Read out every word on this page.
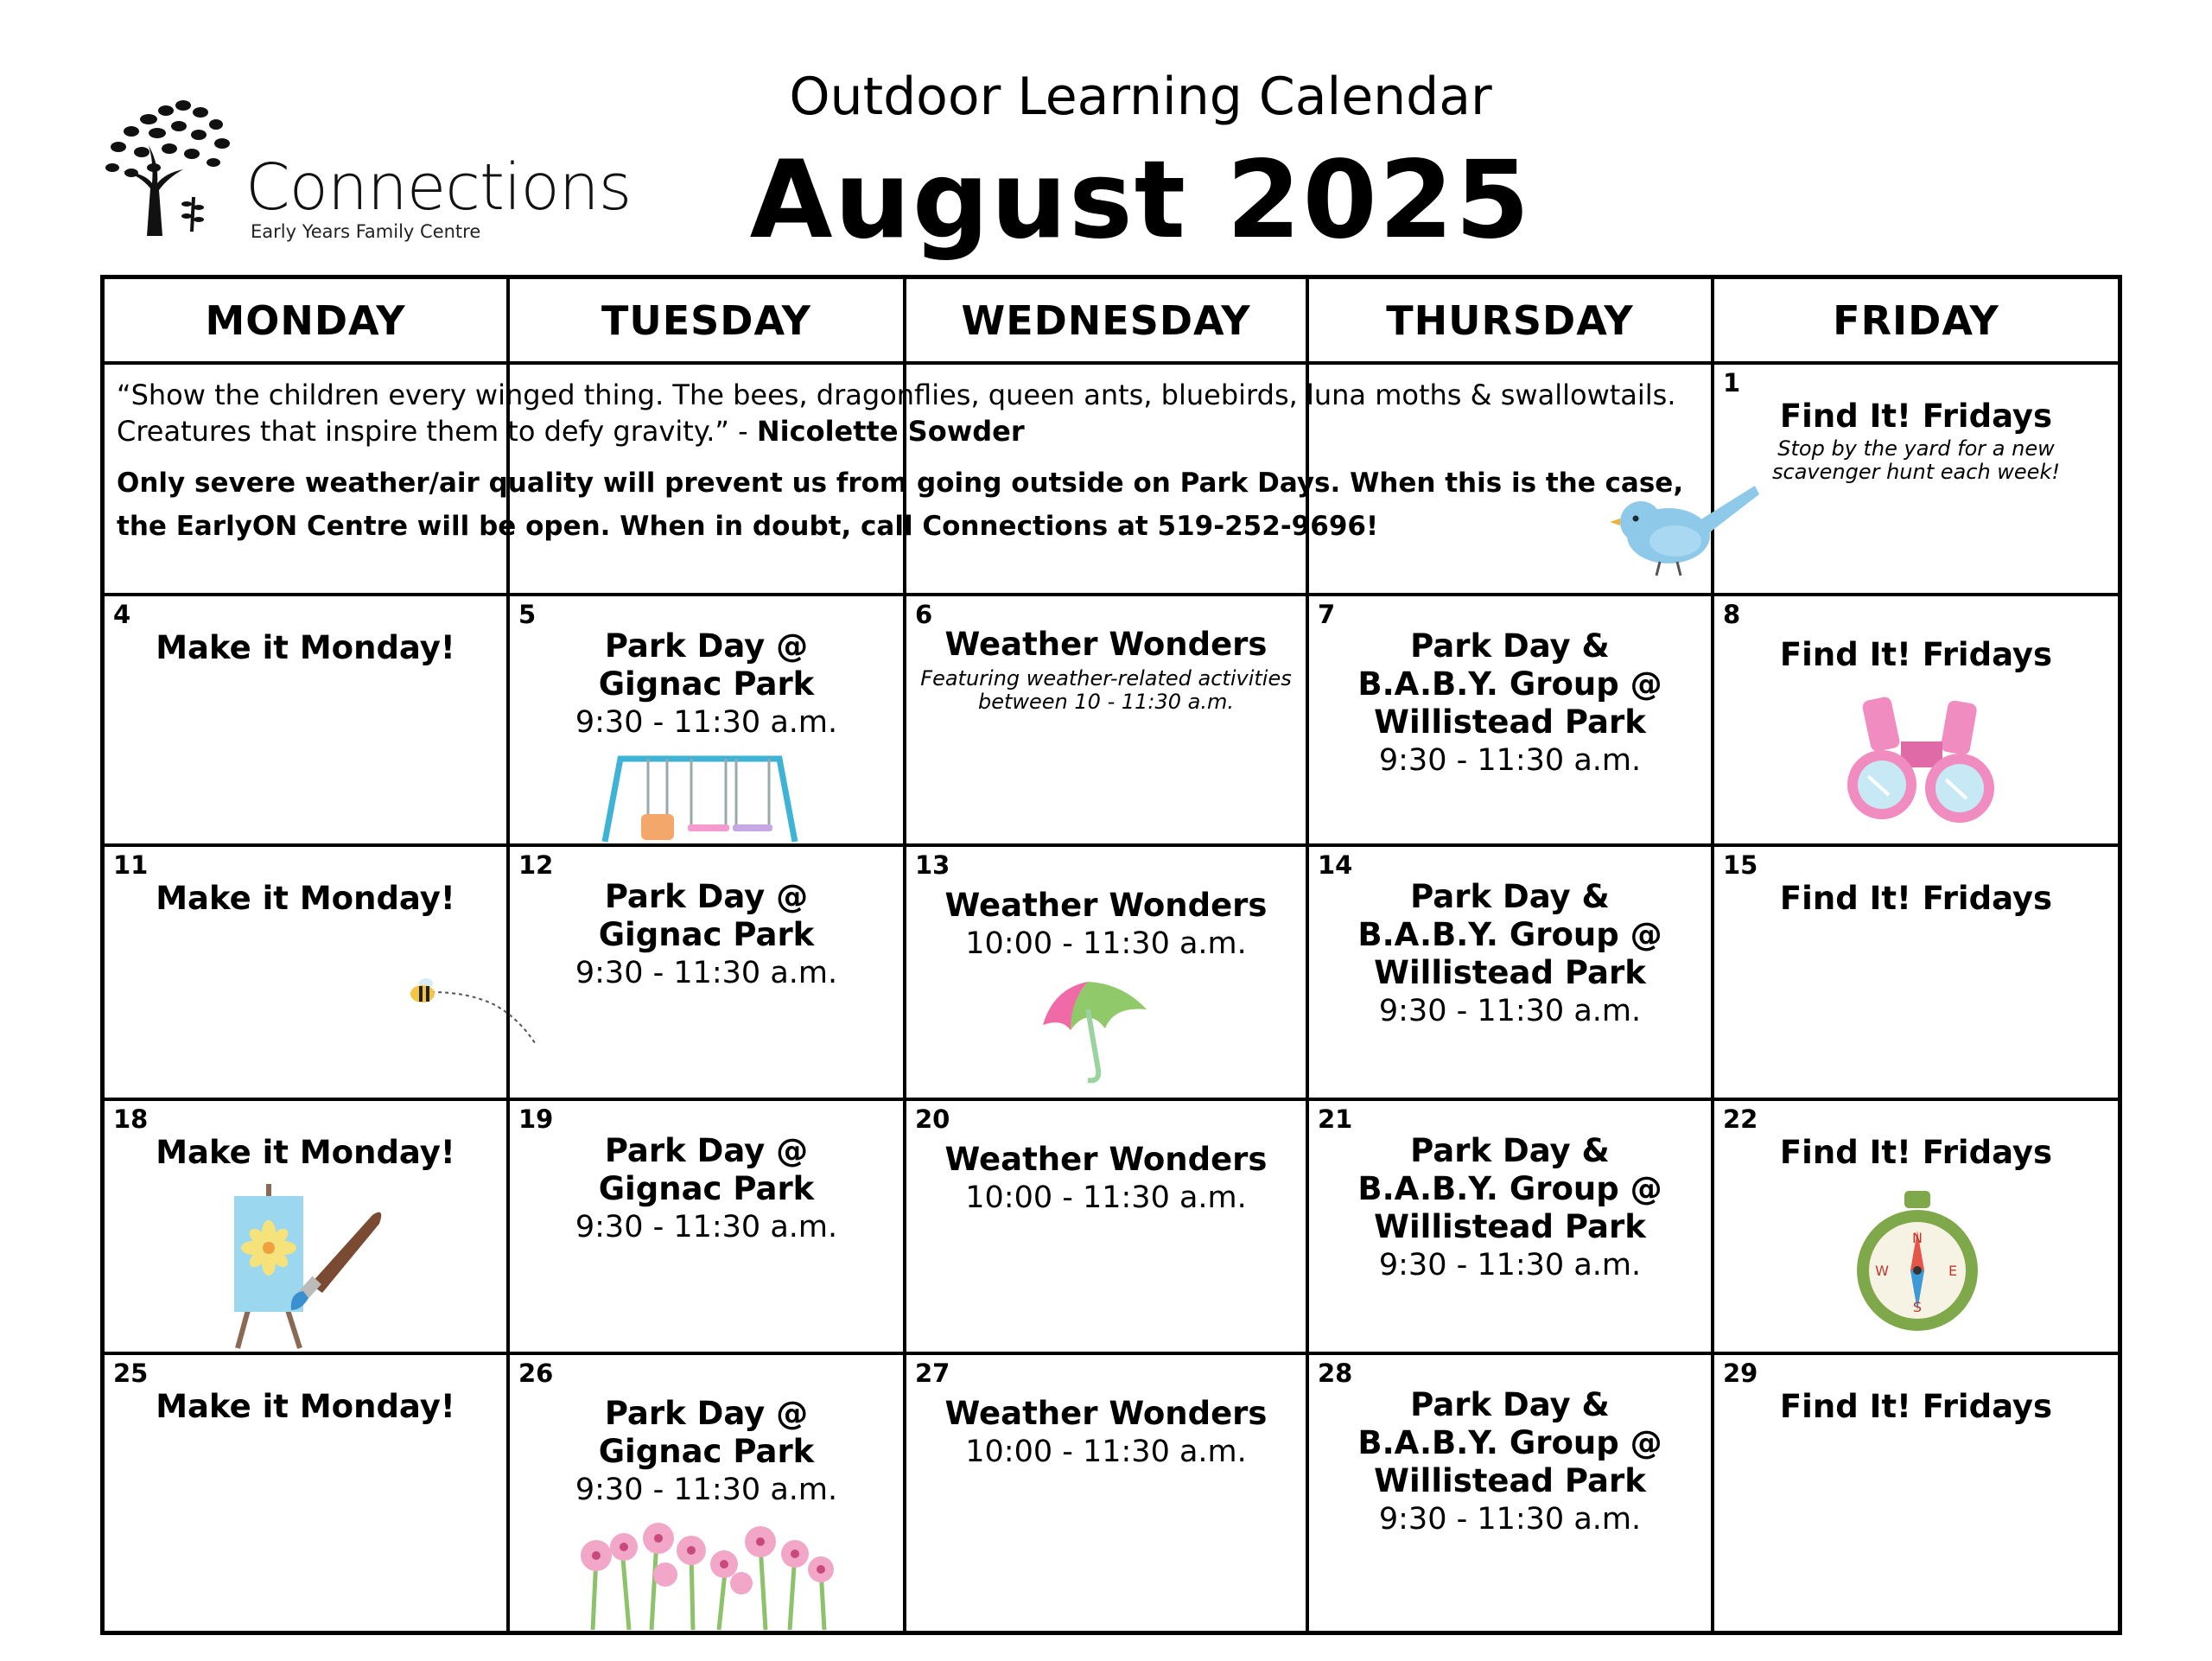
Connections
Early Years Family Centre
Outdoor Learning Calendar
August 2025
MONDAY	TUESDAY	WEDNESDAY	THURSDAY	FRIDAY
“Show the children every winged thing. The bees, dragonflies, queen ants, bluebirds, luna moths & swallowtails. Creatures that inspire them to defy gravity.” - Nicolette Sowder
Only severe weather/air quality will prevent us from going outside on Park Days. When this is the case, the EarlyON Centre will be open. When in doubt, call Connections at 519-252-9696!
1
Find It! Fridays
Stop by the yard for a new scavenger hunt each week!
4
Make it Monday!
5
Park Day @ Gignac Park
9:30 - 11:30 a.m.
6
Weather Wonders
Featuring weather-related activities between 10 - 11:30 a.m.
7
Park Day & B.A.B.Y. Group @ Willistead Park
9:30 - 11:30 a.m.
8
Find It! Fridays
11
Make it Monday!
12
Park Day @ Gignac Park
9:30 - 11:30 a.m.
13
Weather Wonders
10:00 - 11:30 a.m.
14
Park Day & B.A.B.Y. Group @ Willistead Park
9:30 - 11:30 a.m.
15
Find It! Fridays
18
Make it Monday!
19
Park Day @ Gignac Park
9:30 - 11:30 a.m.
20
Weather Wonders
10:00 - 11:30 a.m.
21
Park Day & B.A.B.Y. Group @ Willistead Park
9:30 - 11:30 a.m.
22
Find It! Fridays
N
S
E
W
25
Make it Monday!
26
Park Day @ Gignac Park
9:30 - 11:30 a.m.
27
Weather Wonders
10:00 - 11:30 a.m.
28
Park Day & B.A.B.Y. Group @ Willistead Park
9:30 - 11:30 a.m.
29
Find It! Fridays
